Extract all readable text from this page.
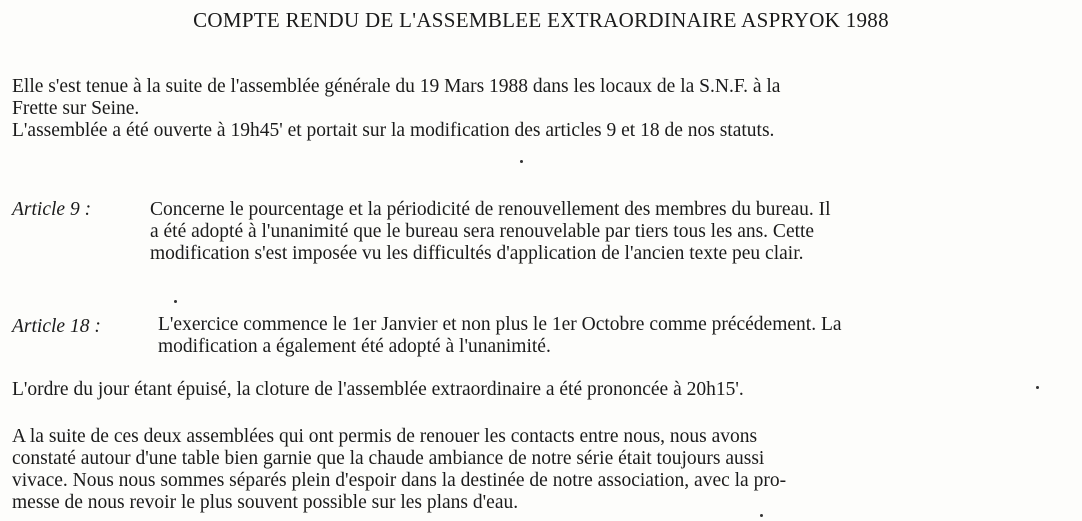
COMPTE RENDU DE L'ASSEMBLEE EXTRAORDINAIRE ASPRYOK 1988
Elle s'est tenue à la suite de l'assemblée générale du 19 Mars 1988 dans les locaux de la S.N.F. à la
Frette sur Seine.
L'assemblée a été ouverte à 19h45' et portait sur la modification des articles 9 et 18 de nos statuts.
Article 9 :	Concerne le pourcentage et la périodicité de renouvellement des membres du bureau. Il
a été adopté à l'unanimité que le bureau sera renouvelable par tiers tous les ans. Cette
modification s'est imposée vu les difficultés d'application de l'ancien texte peu clair.
Article 18 :	L'exercice commence le 1er Janvier et non plus le 1er Octobre comme précédement. La
modification a également été adopté à l'unanimité.
L'ordre du jour étant épuisé, la cloture de l'assemblée extraordinaire a été prononcée à 20h15'.
A la suite de ces deux assemblées qui ont permis de renouer les contacts entre nous, nous avons
constaté autour d'une table bien garnie que la chaude ambiance de notre série était toujours aussi
vivace. Nous nous sommes séparés plein d'espoir dans la destinée de notre association, avec la pro-
messe de nous revoir le plus souvent possible sur les plans d'eau.
